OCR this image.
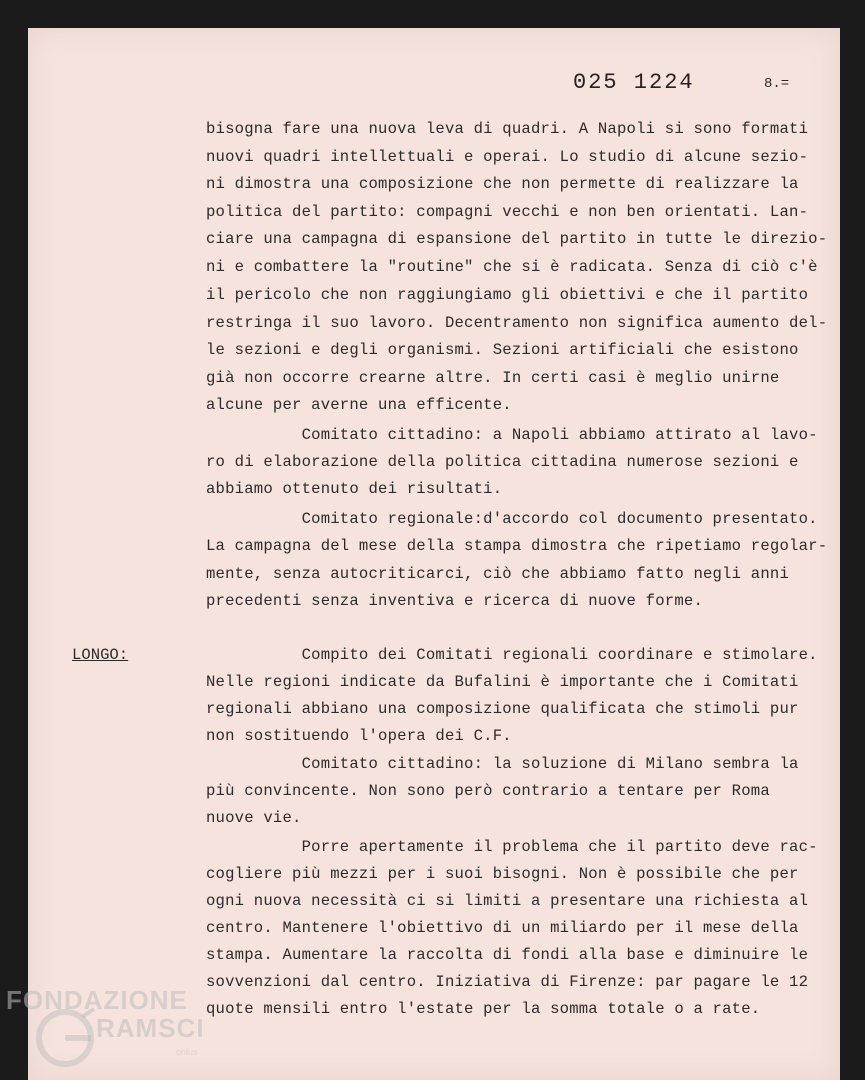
025 1224	8.=
LONGO:
bisogna fare una nuova leva di quadri. A Napoli si sono formati
nuovi quadri intellettuali e operai. Lo studio di alcune sezio-
ni dimostra una composizione che non permette di realizzare la
politica del partito: compagni vecchi e non ben orientati. Lan-
ciare una campagna di espansione del partito in tutte le direzio-
ni e combattere la "routine" che si è radicata. Senza di ciò c'è
il pericolo che non raggiungiamo gli obiettivi e che il partito
restringa il suo lavoro. Decentramento non significa aumento del-
le sezioni e degli organismi. Sezioni artificiali che esistono
già non occorre crearne altre. In certi casi è meglio unirne
alcune per averne una efficente.
Comitato cittadino: a Napoli abbiamo attirato al lavo-
ro di elaborazione della politica cittadina numerose sezioni e
abbiamo ottenuto dei risultati.
Comitato regionale:d'accordo col documento presentato.
La campagna del mese della stampa dimostra che ripetiamo regolar-
mente, senza autocriticarci, ciò che abbiamo fatto negli anni
precedenti senza inventiva e ricerca di nuove forme.
Compito dei Comitati regionali coordinare e stimolare.
Nelle regioni indicate da Bufalini è importante che i Comitati
regionali abbiano una composizione qualificata che stimoli pur
non sostituendo l'opera dei C.F.
Comitato cittadino: la soluzione di Milano sembra la
più convincente. Non sono però contrario a tentare per Roma
nuove vie.
Porre apertamente il problema che il partito deve rac-
cogliere più mezzi per i suoi bisogni. Non è possibile che per
ogni nuova necessità ci si limiti a presentare una richiesta al
centro. Mantenere l'obiettivo di un miliardo per il mese della
stampa. Aumentare la raccolta di fondi alla base e diminuire le
sovvenzioni dal centro. Iniziativa di Firenze: par pagare le 12
quote mensili entro l'estate per la somma totale o a rate.
FONDAZIONE
RAMSCI
onlus
